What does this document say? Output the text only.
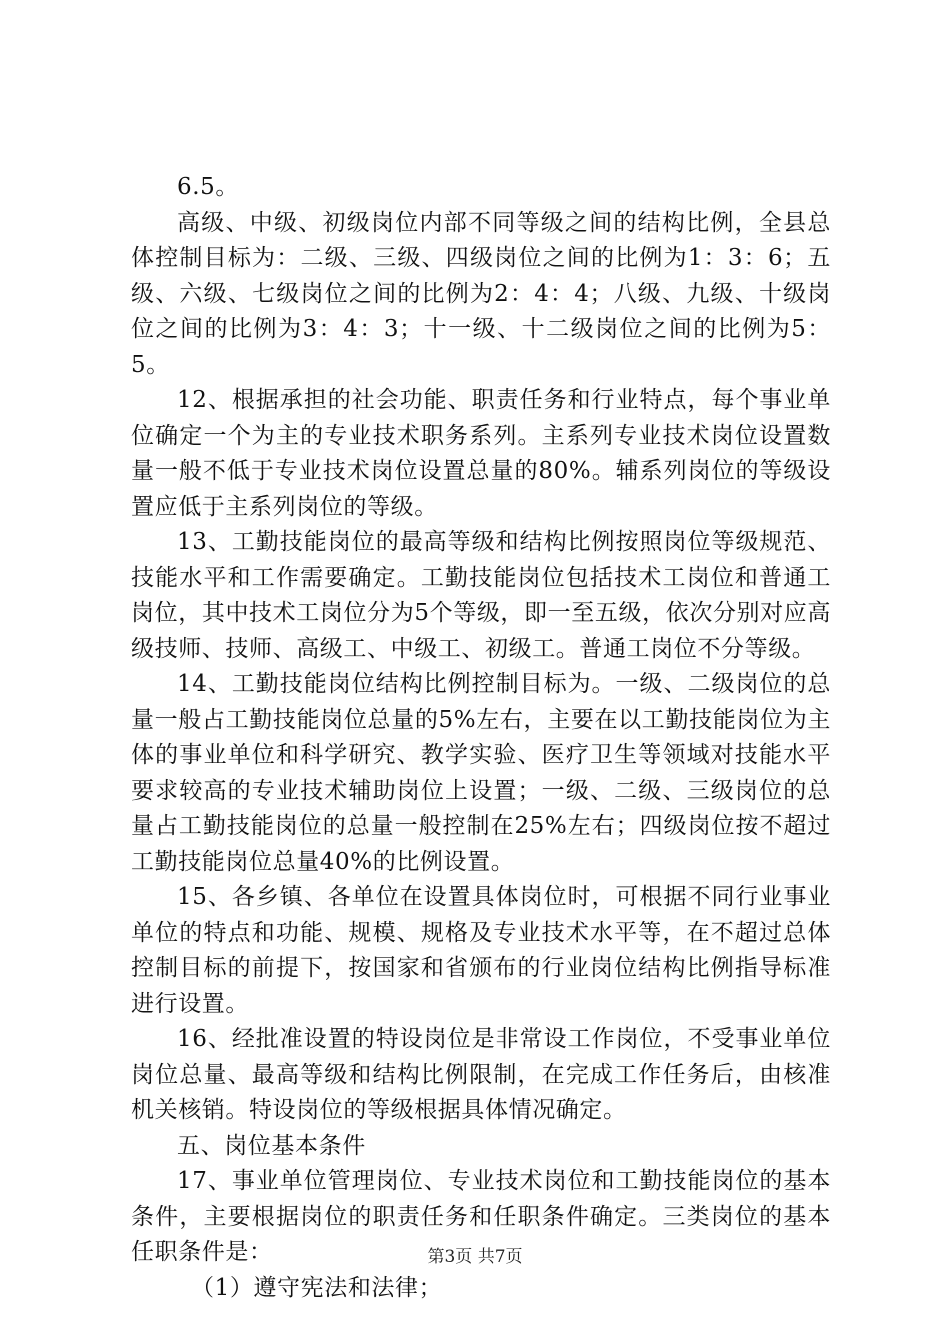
6.5。

高级、中级、初级岗位内部不同等级之间的结构比例，全县总体控制目标为：二级、三级、四级岗位之间的比例为1：3：6；五级、六级、七级岗位之间的比例为2：4：4；八级、九级、十级岗位之间的比例为3：4：3；十一级、十二级岗位之间的比例为5：5。

12、根据承担的社会功能、职责任务和行业特点，每个事业单位确定一个为主的专业技术职务系列。主系列专业技术岗位设置数量一般不低于专业技术岗位设置总量的80%。辅系列岗位的等级设置应低于主系列岗位的等级。

13、工勤技能岗位的最高等级和结构比例按照岗位等级规范、技能水平和工作需要确定。工勤技能岗位包括技术工岗位和普通工岗位，其中技术工岗位分为5个等级，即一至五级，依次分别对应高级技师、技师、高级工、中级工、初级工。普通工岗位不分等级。

14、工勤技能岗位结构比例控制目标为。一级、二级岗位的总量一般占工勤技能岗位总量的5%左右，主要在以工勤技能岗位为主体的事业单位和科学研究、教学实验、医疗卫生等领域对技能水平要求较高的专业技术辅助岗位上设置；一级、二级、三级岗位的总量占工勤技能岗位的总量一般控制在25%左右；四级岗位按不超过工勤技能岗位总量40%的比例设置。

15、各乡镇、各单位在设置具体岗位时，可根据不同行业事业单位的特点和功能、规模、规格及专业技术水平等，在不超过总体控制目标的前提下，按国家和省颁布的行业岗位结构比例指导标准进行设置。

16、经批准设置的特设岗位是非常设工作岗位，不受事业单位岗位总量、最高等级和结构比例限制，在完成工作任务后，由核准机关核销。特设岗位的等级根据具体情况确定。

五、岗位基本条件

17、事业单位管理岗位、专业技术岗位和工勤技能岗位的基本条件，主要根据岗位的职责任务和任职条件确定。三类岗位的基本任职条件是：

（1）遵守宪法和法律；

第3页 共7页
